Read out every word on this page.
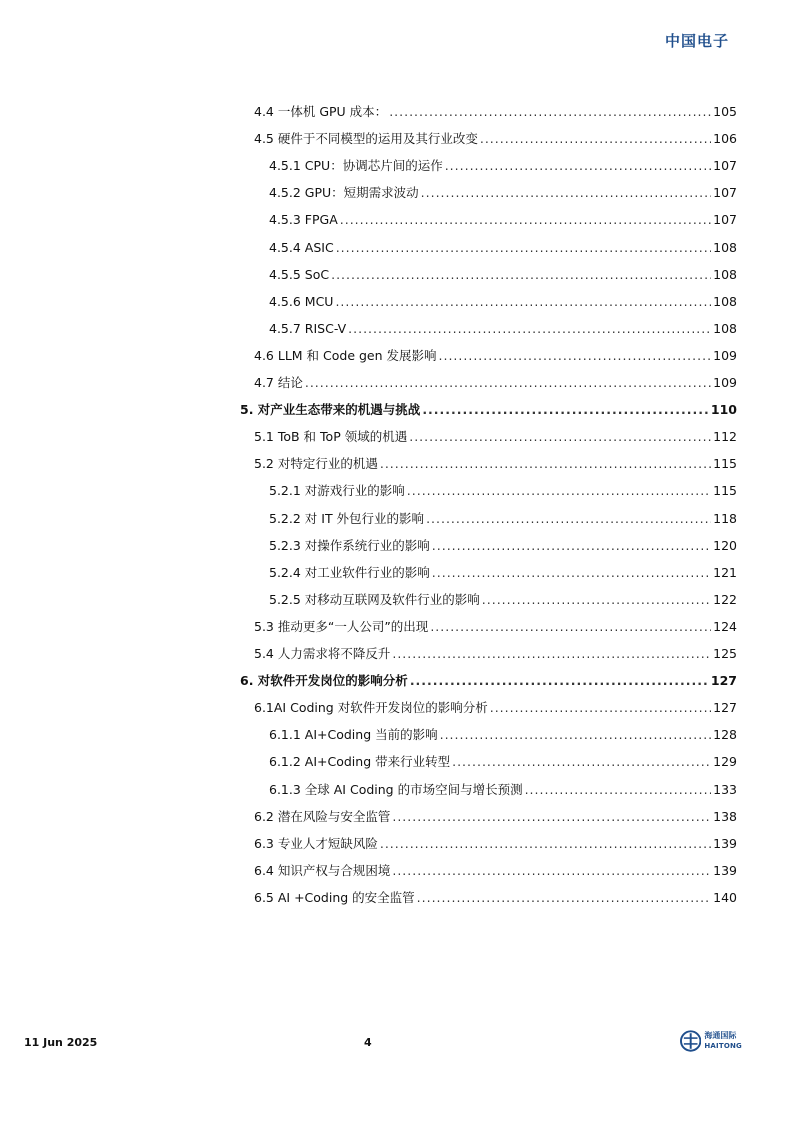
中国电子
4.4 一体机 GPU 成本： .....	105
4.5 硬件于不同模型的运用及其行业改变 .....	106
4.5.1 CPU：协调芯片间的运作 .....	107
4.5.2 GPU：短期需求波动 .....	107
4.5.3 FPGA .....	107
4.5.4 ASIC .....	108
4.5.5 SoC .....	108
4.5.6 MCU .....	108
4.5.7 RISC-V .....	108
4.6 LLM 和 Code gen 发展影响 .....	109
4.7 结论 .....	109
5. 对产业生态带来的机遇与挑战 .....	110
5.1 ToB 和 ToP 领域的机遇 .....	112
5.2 对特定行业的机遇 .....	115
5.2.1 对游戏行业的影响 .....	115
5.2.2 对 IT 外包行业的影响 .....	118
5.2.3 对操作系统行业的影响 .....	120
5.2.4 对工业软件行业的影响 .....	121
5.2.5 对移动互联网及软件行业的影响 .....	122
5.3 推动更多“一人公司”的出现 .....	124
5.4 人力需求将不降反升 .....	125
6. 对软件开发岗位的影响分析 .....	127
6.1AI Coding 对软件开发岗位的影响分析 .....	127
6.1.1 AI+Coding 当前的影响 .....	128
6.1.2 AI+Coding 带来行业转型 .....	129
6.1.3 全球 AI Coding 的市场空间与增长预测 .....	133
6.2 潜在风险与安全监管 .....	138
6.3 专业人才短缺风险 .....	139
6.4 知识产权与合规困境 .....	139
6.5 AI +Coding 的安全监管 .....	140
11 Jun 2025	4
海通国际
HAITONG
